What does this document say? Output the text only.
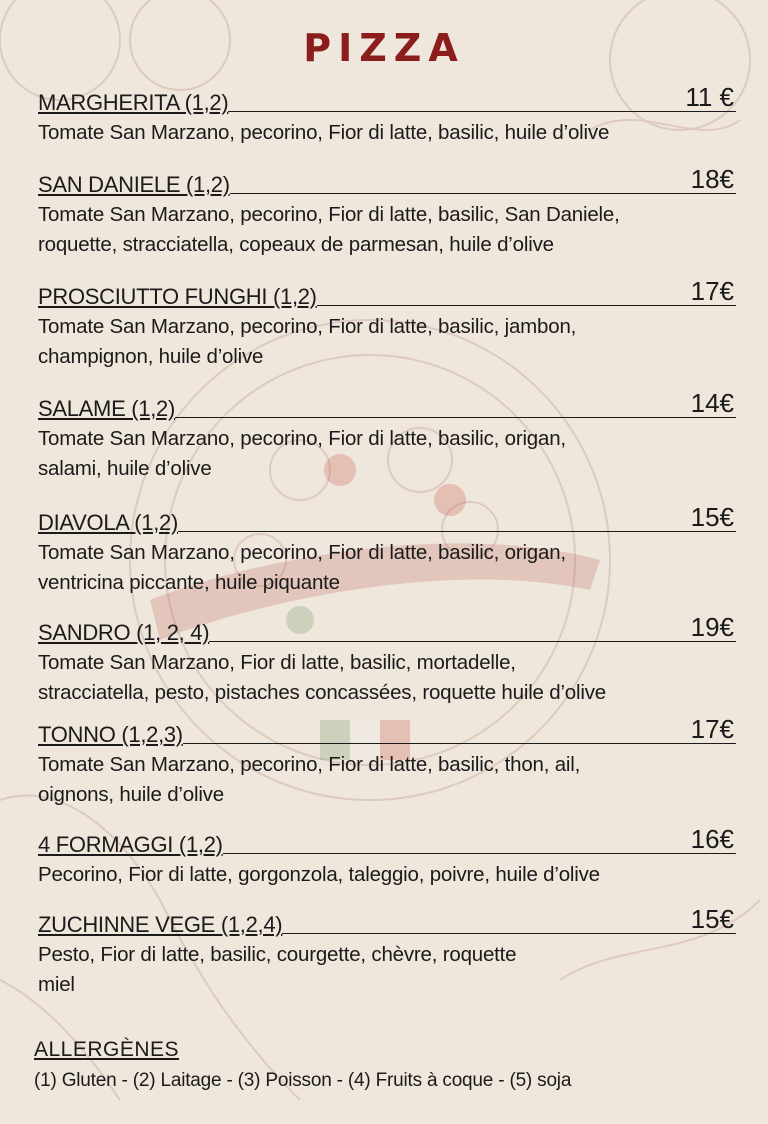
PIZZA
MARGHERITA (1,2)	11 €
Tomate San Marzano, pecorino, Fior di latte, basilic, huile d’olive
SAN DANIELE (1,2)	18€
Tomate San Marzano, pecorino, Fior di latte, basilic, San Daniele,
roquette, stracciatella, copeaux de parmesan, huile d’olive
PROSCIUTTO FUNGHI (1,2)	17€
Tomate San Marzano, pecorino, Fior di latte, basilic, jambon,
champignon, huile d’olive
SALAME (1,2)	14€
Tomate San Marzano, pecorino, Fior di latte, basilic, origan,
salami, huile d’olive
DIAVOLA (1,2)	15€
Tomate San Marzano, pecorino, Fior di latte, basilic, origan,
ventricina piccante, huile piquante
SANDRO (1, 2, 4)	19€
Tomate San Marzano, Fior di latte, basilic, mortadelle,
stracciatella, pesto, pistaches concassées, roquette huile d’olive
TONNO (1,2,3)	17€
Tomate San Marzano, pecorino, Fior di latte, basilic, thon, ail,
oignons, huile d’olive
4 FORMAGGI (1,2)	16€
Pecorino, Fior di latte, gorgonzola, taleggio, poivre, huile d’olive
ZUCHINNE VEGE (1,2,4)	15€
Pesto, Fior di latte, basilic, courgette, chèvre, roquette
miel
ALLERGÈNES
(1) Gluten - (2) Laitage - (3) Poisson - (4) Fruits à coque - (5) soja
